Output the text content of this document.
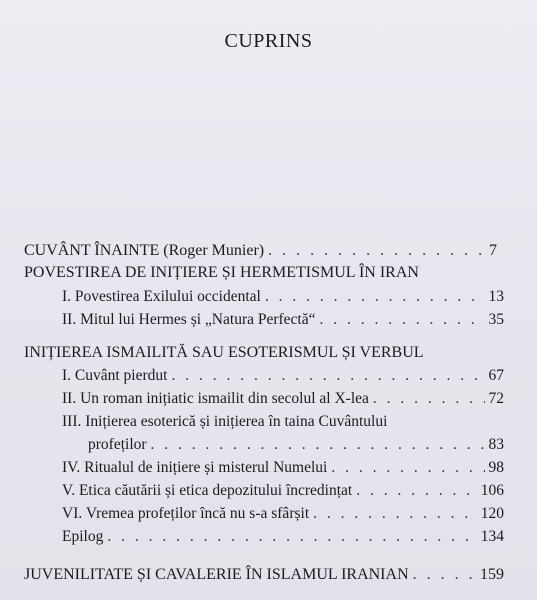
CUPRINS
CUVÂNT ÎNAINTE (Roger Munier) . . .	7
POVESTIREA DE INIȚIERE ȘI HERMETISMUL ÎN IRAN
I. Povestirea Exilului occidental . . .	13
II. Mitul lui Hermes și „Natura Perfectă“ . . .	35
INIȚIEREA ISMAILITĂ SAU ESOTERISMUL ȘI VERBUL
I. Cuvânt pierdut . . .	67
II. Un roman inițiatic ismailit din secolul al X-lea . . .	72
III. Inițierea esoterică și inițierea în taina Cuvântului
profeților . . .	83
IV. Ritualul de inițiere și misterul Numelui . . .	98
V. Etica căutării și etica depozitului încredințat . . .	106
VI. Vremea profeților încă nu s-a sfârșit . . .	120
Epilog . . .	134
JUVENILITATE ȘI CAVALERIE ÎN ISLAMUL IRANIAN . . .	159
